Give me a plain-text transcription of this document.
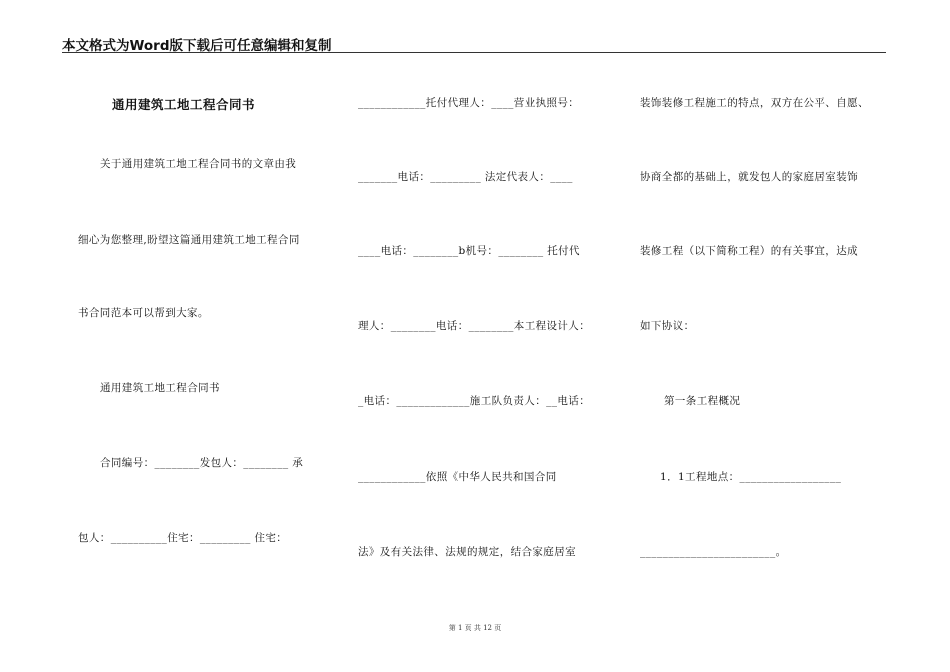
本文格式为Word版下载后可任意编辑和复制
通用建筑工地工程合同书
关于通用建筑工地工程合同书的文章由我
细心为您整理,盼望这篇通用建筑工地工程合同
书合同范本可以帮到大家。
通用建筑工地工程合同书
合同编号：________发包人：________ 承
包人：__________住宅：_________ 住宅：
____________托付代理人：____营业执照号：
_______电话：_________ 法定代表人：____
____电话：________b机号：________ 托付代
理人：________电话：________本工程设计人：
_电话：_____________施工队负责人：__电话：
____________依照《中华人民共和国合同
法》及有关法律、法规的规定，结合家庭居室
装饰装修工程施工的特点，双方在公平、自愿、
协商全都的基础上，就发包人的家庭居室装饰
装修工程（以下简称工程）的有关事宜，达成
如下协议：
第一条工程概况
1．1工程地点：__________________
________________________。
第 1 页 共 12 页
